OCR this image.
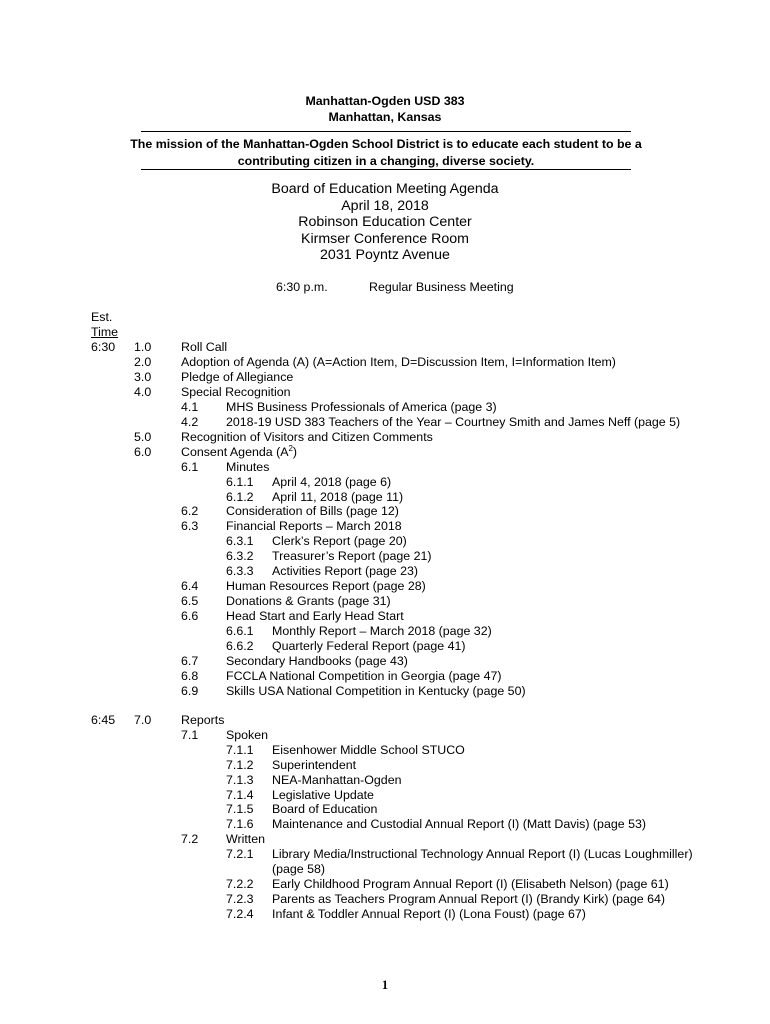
Manhattan-Ogden USD 383
Manhattan, Kansas
The mission of the Manhattan-Ogden School District is to educate each student to be a contributing citizen in a changing, diverse society.
Board of Education Meeting Agenda
April 18, 2018
Robinson Education Center
Kirmser Conference Room
2031 Poyntz Avenue
6:30 p.m.	Regular Business Meeting
Est.
Time
6:30 1.0 Roll Call
2.0 Adoption of Agenda (A) (A=Action Item, D=Discussion Item, I=Information Item)
3.0 Pledge of Allegiance
4.0 Special Recognition
4.1 MHS Business Professionals of America (page 3)
4.2 2018-19 USD 383 Teachers of the Year – Courtney Smith and James Neff (page 5)
5.0 Recognition of Visitors and Citizen Comments
6.0 Consent Agenda $(A^2)$
6.1 Minutes
6.1.1 April 4, 2018 (page 6)
6.1.2 April 11, 2018 (page 11)
6.2 Consideration of Bills (page 12)
6.3 Financial Reports – March 2018
6.3.1 Clerk’s Report (page 20)
6.3.2 Treasurer’s Report (page 21)
6.3.3 Activities Report (page 23)
6.4 Human Resources Report (page 28)
6.5 Donations & Grants (page 31)
6.6 Head Start and Early Head Start
6.6.1 Monthly Report – March 2018 (page 32)
6.6.2 Quarterly Federal Report (page 41)
6.7 Secondary Handbooks (page 43)
6.8 FCCLA National Competition in Georgia (page 47)
6.9 Skills USA National Competition in Kentucky (page 50)
6:45 7.0 Reports
7.1 Spoken
7.1.1 Eisenhower Middle School STUCO
7.1.2 Superintendent
7.1.3 NEA-Manhattan-Ogden
7.1.4 Legislative Update
7.1.5 Board of Education
7.1.6 Maintenance and Custodial Annual Report (I) (Matt Davis) (page 53)
7.2 Written
7.2.1 Library Media/Instructional Technology Annual Report (I) (Lucas Loughmiller)
(page 58)
7.2.2 Early Childhood Program Annual Report (I) (Elisabeth Nelson) (page 61)
7.2.3 Parents as Teachers Program Annual Report (I) (Brandy Kirk) (page 64)
7.2.4 Infant & Toddler Annual Report (I) (Lona Foust) (page 67)
1
